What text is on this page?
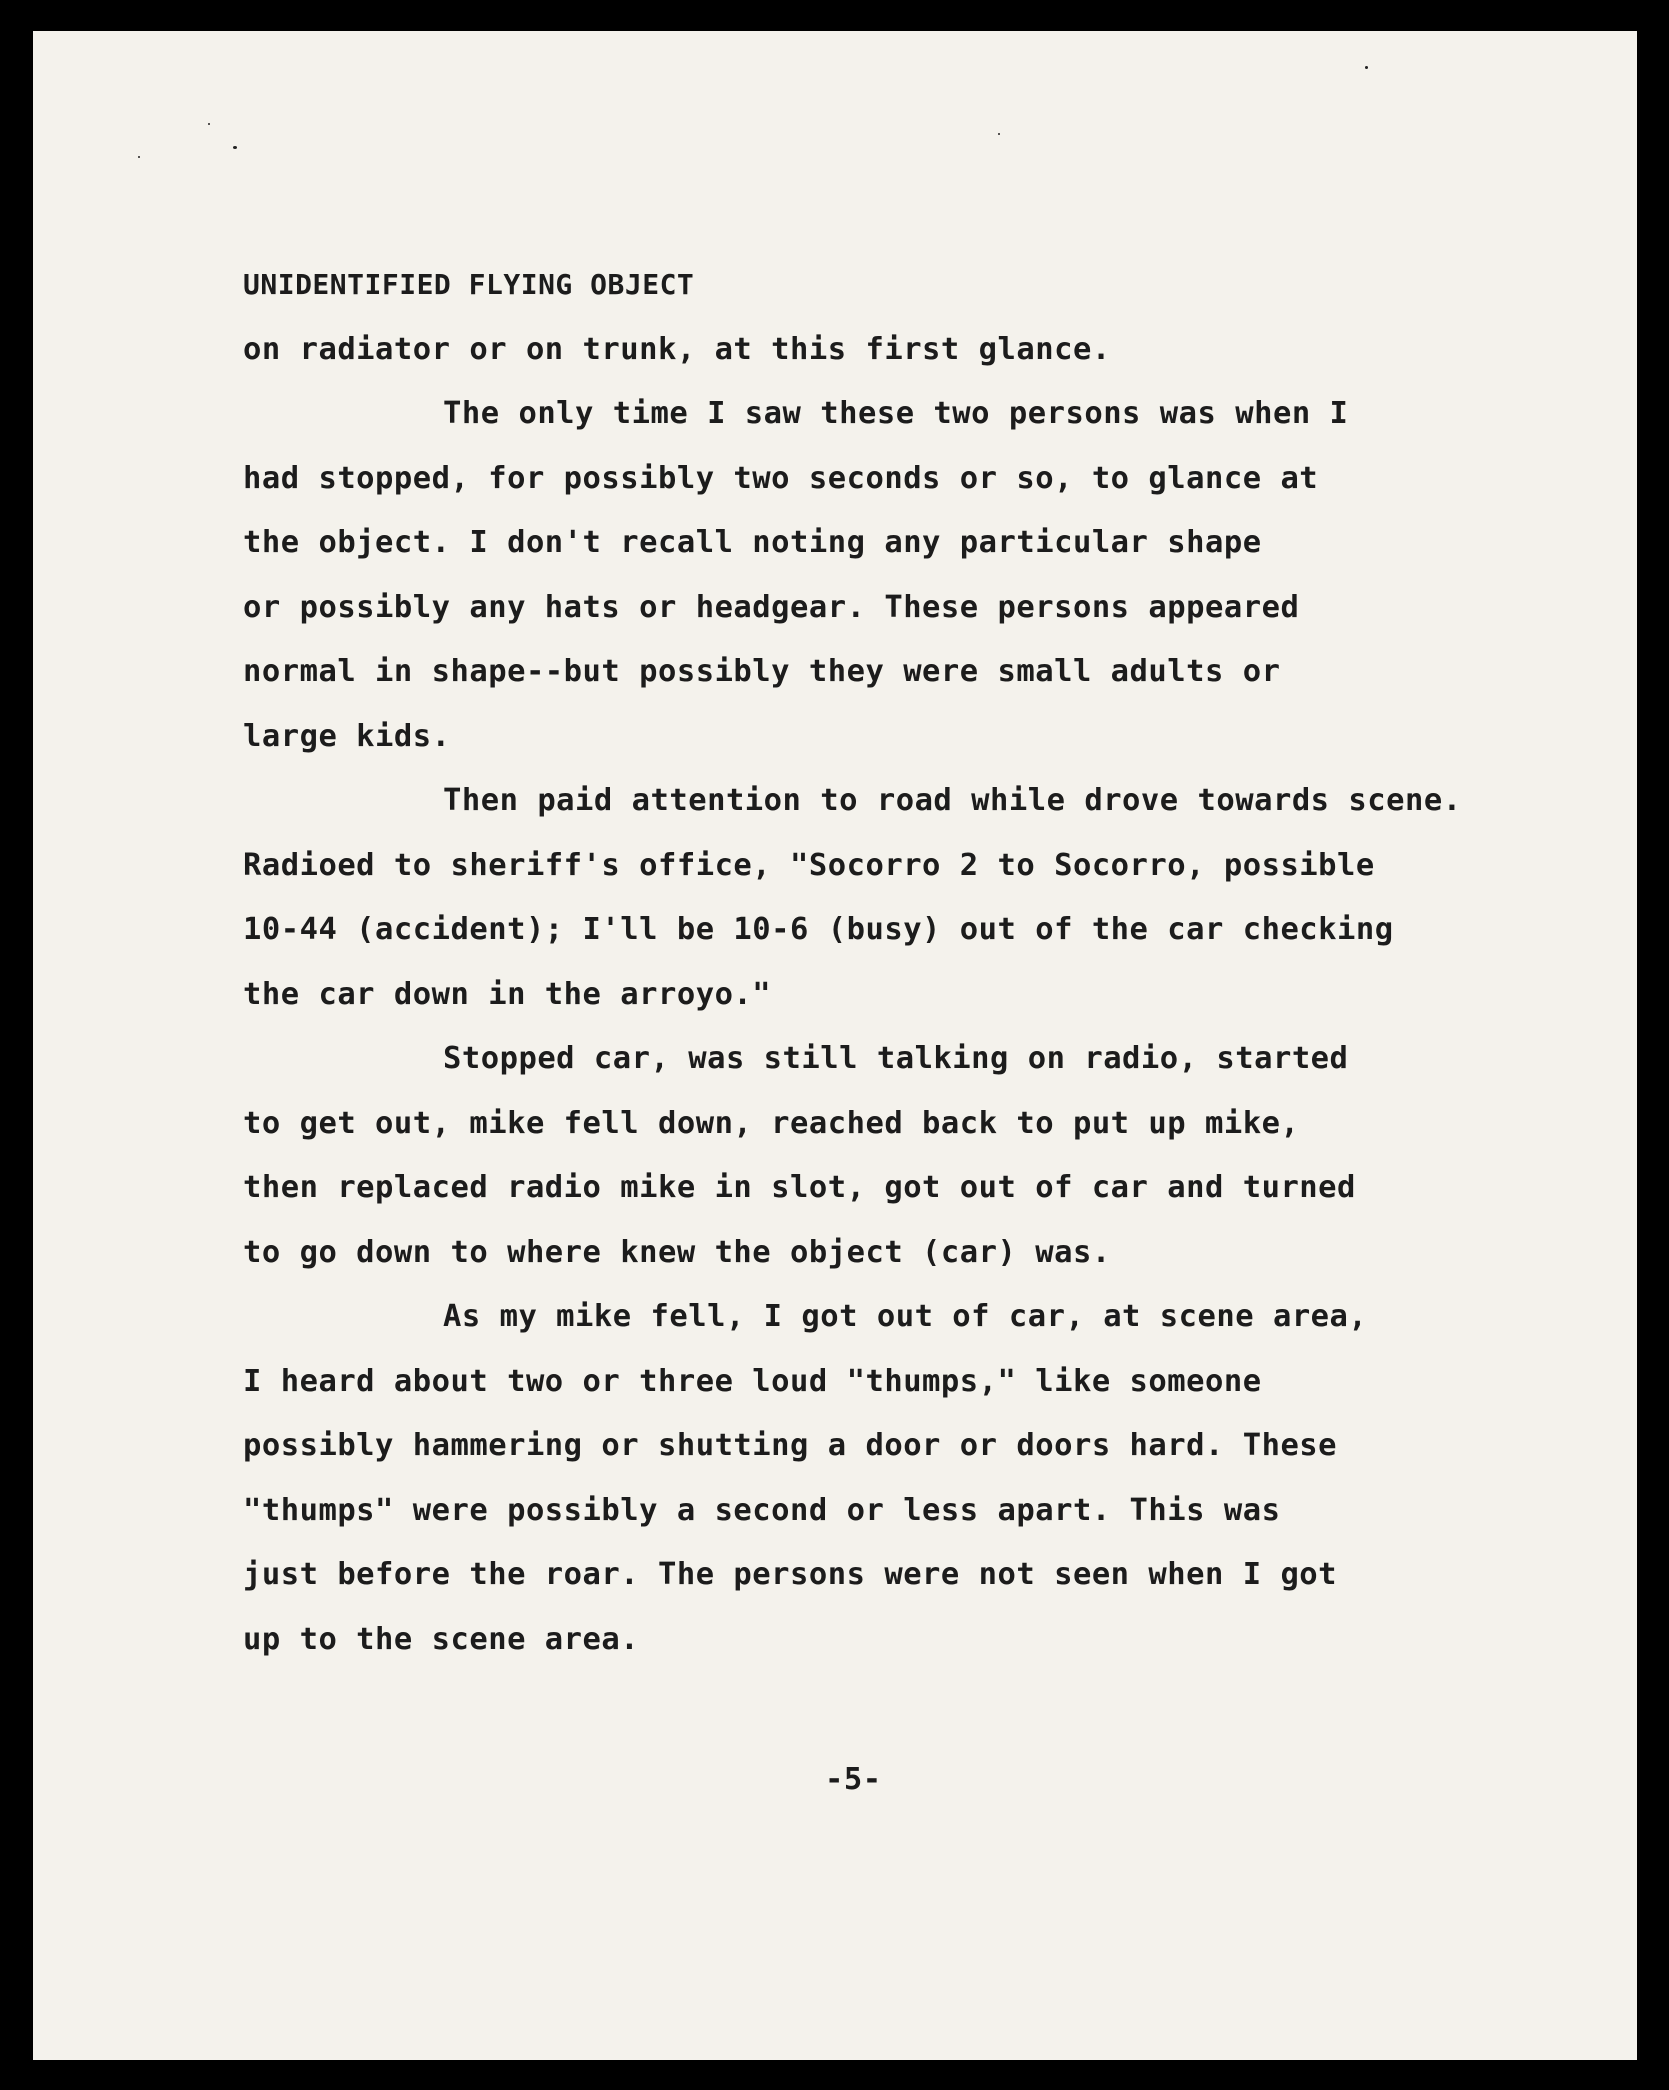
UNIDENTIFIED FLYING OBJECT
on radiator or on trunk, at this first glance.
The only time I saw these two persons was when I
had stopped, for possibly two seconds or so, to glance at
the object. I don't recall noting any particular shape
or possibly any hats or headgear. These persons appeared
normal in shape--but possibly they were small adults or
large kids.
Then paid attention to road while drove towards scene.
Radioed to sheriff's office, "Socorro 2 to Socorro, possible
10-44 (accident); I'll be 10-6 (busy) out of the car checking
the car down in the arroyo."
Stopped car, was still talking on radio, started
to get out, mike fell down, reached back to put up mike,
then replaced radio mike in slot, got out of car and turned
to go down to where knew the object (car) was.
As my mike fell, I got out of car, at scene area,
I heard about two or three loud "thumps," like someone
possibly hammering or shutting a door or doors hard. These
"thumps" were possibly a second or less apart. This was
just before the roar. The persons were not seen when I got
up to the scene area.
-5-
